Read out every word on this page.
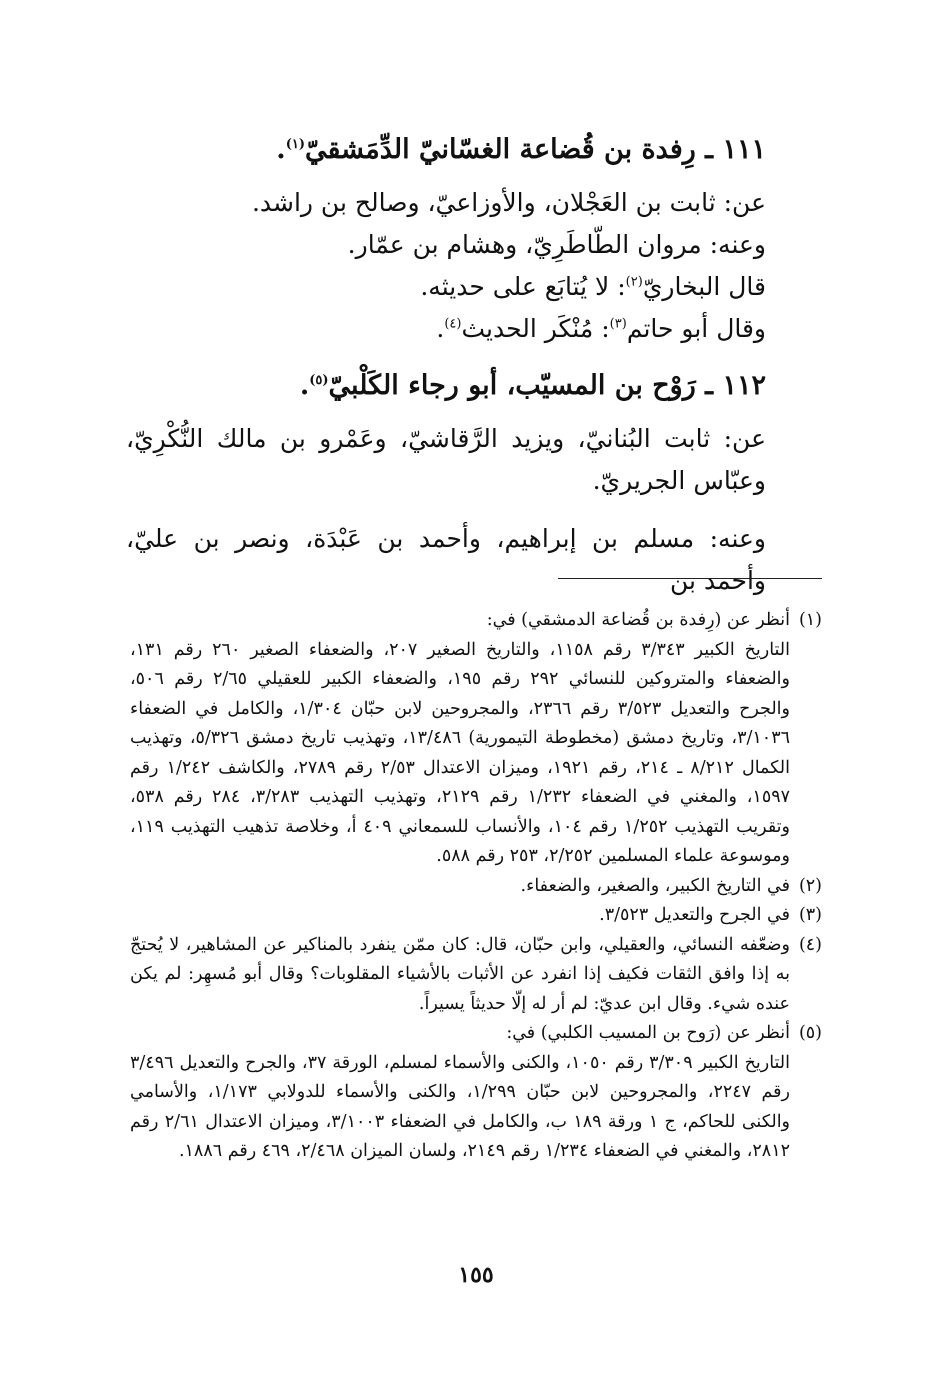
١١١ ـ رِفدة بن قُضاعة الغسّانيّ الدِّمَشقيّ$^{(١)}$.

عن: ثابت بن العَجْلان، والأوزاعيّ، وصالح بن راشد.

وعنه: مروان الطّاطَرِيّ، وهشام بن عمّار.

قال البخاريّ$^{(٢)}$: لا يُتابَع على حديثه.

وقال أبو حاتم$^{(٣)}$: مُنْكَر الحديث$^{(٤)}$.

١١٢ ـ رَوْح بن المسيّب، أبو رجاء الكَلْبيّ$^{(٥)}$.

عن: ثابت البُنانيّ، ويزيد الرَّقاشيّ، وعَمْرو بن مالك النُّكْرِيّ، وعبّاس الجريريّ.

وعنه: مسلم بن إبراهيم، وأحمد بن عَبْدَة، ونصر بن عليّ، وأحمد بن

(١)
أنظر عن (رِفدة بن قُضاعة الدمشقي) في:
التاريخ الكبير ٣/٣٤٣ رقم ١١٥٨، والتاريخ الصغير ٢٠٧، والضعفاء الصغير ٢٦٠ رقم ١٣١، والضعفاء والمتروكين للنسائي ٢٩٢ رقم ١٩٥، والضعفاء الكبير للعقيلي ٢/٦٥ رقم ٥٠٦، والجرح والتعديل ٣/٥٢٣ رقم ٢٣٦٦، والمجروحين لابن حبّان ١/٣٠٤، والكامل في الضعفاء ٣/١٠٣٦، وتاريخ دمشق (مخطوطة التيمورية) ١٣/٤٨٦، وتهذيب تاريخ دمشق ٥/٣٢٦، وتهذيب الكمال ٨/٢١٢ ـ ٢١٤، رقم ١٩٢١، وميزان الاعتدال ٢/٥٣ رقم ٢٧٨٩، والكاشف ١/٢٤٢ رقم ١٥٩٧، والمغني في الضعفاء ١/٢٣٢ رقم ٢١٢٩، وتهذيب التهذيب ٣/٢٨٣، ٢٨٤ رقم ٥٣٨، وتقريب التهذيب ١/٢٥٢ رقم ١٠٤، والأنساب للسمعاني ٤٠٩ أ، وخلاصة تذهيب التهذيب ١١٩، وموسوعة علماء المسلمين ٢/٢٥٢، ٢٥٣ رقم ٥٨٨.
(٢)
في التاريخ الكبير، والصغير، والضعفاء.
(٣)
في الجرح والتعديل ٣/٥٢٣.
(٤)
وضعّفه النسائي، والعقيلي، وابن حبّان، قال: كان ممّن ينفرد بالمناكير عن المشاهير، لا يُحتجّ به إذا وافق الثقات فكيف إذا انفرد عن الأثبات بالأشياء المقلوبات؟ وقال أبو مُسهِر: لم يكن عنده شيء. وقال ابن عديّ: لم أر له إلّا حديثاً يسيراً.
(٥)
أنظر عن (رَوح بن المسيب الكلبي) في:
التاريخ الكبير ٣/٣٠٩ رقم ١٠٥٠، والكنى والأسماء لمسلم، الورقة ٣٧، والجرح والتعديل ٣/٤٩٦ رقم ٢٢٤٧، والمجروحين لابن حبّان ١/٢٩٩، والكنى والأسماء للدولابي ١/١٧٣، والأسامي والكنى للحاكم، ج ١ ورقة ١٨٩ ب، والكامل في الضعفاء ٣/١٠٠٣، وميزان الاعتدال ٢/٦١ رقم ٢٨١٢، والمغني في الضعفاء ١/٢٣٤ رقم ٢١٤٩، ولسان الميزان ٢/٤٦٨، ٤٦٩ رقم ١٨٨٦.
١٥٥
